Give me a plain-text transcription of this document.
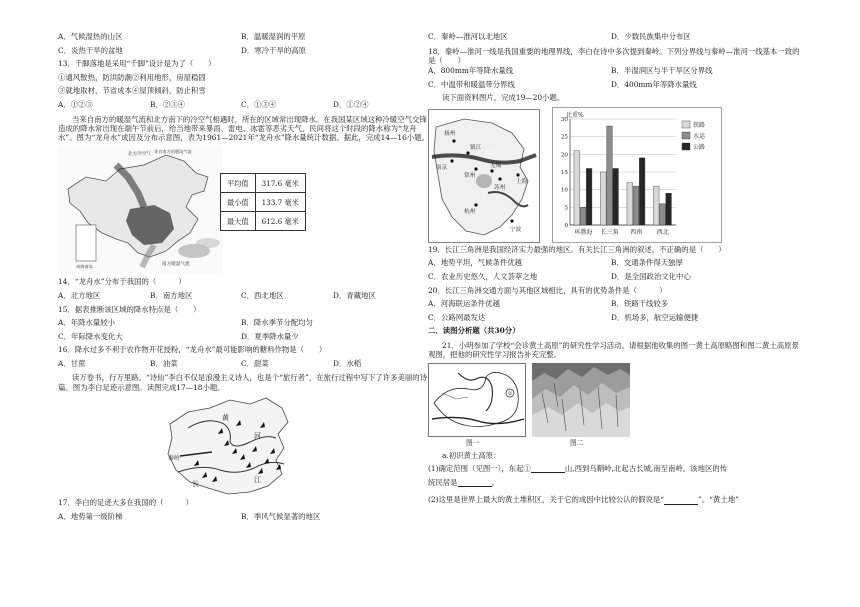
A．气候湿热的山区	B．温暖湿润的平原
C．炎热干旱的盆地	D．寒冷干旱的高原
13．千脚落地是采用“千脚”设计是为了（　　）
①通风散热，防洪防潮②利用地形，房屋稳固
③就地取材，节省成本④屋顶倾斜，防止积雪
A．①②③	B．②③④	C．①③④	D．①②④
当来自南方的暖湿气流和北方南下的冷空气相遇时，所在的区域常出现降水。在我国某区域这种冷暖空气交锋造成的降水常出现在端午节前后，给当地带来暴雨、雷电、冰雹等恶劣天气，民间将这个时段的降水称为“龙舟水”。图为“龙舟水”成因及分布示意图，表为1961—2021年“龙舟水”降水量统计数据。据此，完成14—16小题。
北方冷空气
南方暖湿气流
来自南方的暖湿气流
南海诸岛
平均值	317.6 毫米
最小值	133.7 毫米
最大值	612.6 毫米
14．“龙舟水”分布于我国的（　　　）
A．北方地区	B．南方地区	C．西北地区	D．青藏地区
15．据表推断该区域的降水特点是（　　）
A．年降水量较小	B．降水季节分配均匀
C．年际降水变化大	D．夏季降水量少
16．降水过多不利于农作物开花授粉，“龙舟水”最可能影响的糖料作物是（　　）
A．甘蔗	B．油菜	C．甜菜	D．水稻
读万卷书，行万里路。“诗仙”李白不仅是浪漫主义诗人，也是个“旅行者”，在旅行过程中写下了许多美丽的诗篇。图为李白足迹示意图。读图完成17—18小题。
黄
河
秦岭
长	江
17．李白的足迹大多在我国的（　　　）
A．地势第一级阶梯	B．季风气候显著的地区
C．秦岭—淮河以北地区	D．少数民族集中分布区
18．秦岭—淮河一线是我国重要的地理界线，李白在诗中多次提到秦岭。下列分界线与秦岭—淮河一线基本一致的是（　　）
A．800mm年等降水量线	B．半湿润区与半干旱区分界线
C．中温带和暖温带分界线	D．400mm年等降水量线
读下面资料图片，完成19—20小题。
扬州
镇江
南京
常州
无锡
苏州
杭州
上海
宁波
长江
0
5
10
15
20
25
30
环渤海 长三角 西南 西北
铁路
水运
公路
比重%
19．长江三角洲是我国经济实力最强的地区。有关长江三角洲的叙述，不正确的是（　　）
A．地势平坦，气候条件优越	B．交通条件得天独厚
C．农业历史悠久，人文荟萃之地	D．是全国政治文化中心
20．长江三角洲交通方面与其他区域相比，具有的优势条件是（　　　）
A．河海联运条件优越	B．铁路干线较多
C．公路网最发达	D．机场多，航空运输便捷
二．读图分析题（共30分）
21．小明参加了学校“会诊黄土高原”的研究性学习活动。请根据他收集的图一黄土高原略图和图二黄土高原景观图，把他的研究性学习报告补充完整。
①
图一	图二
a.初识黄土高原：
(1)确定范围（见图一），东起①	山,西到乌鞘岭,北起古长城,南至南岭。该地区的传
统民居是	。
(2)这里是世界上最大的黄土堆积区，关于它的成因中比较公认的假说是“	”。“黄土地”
